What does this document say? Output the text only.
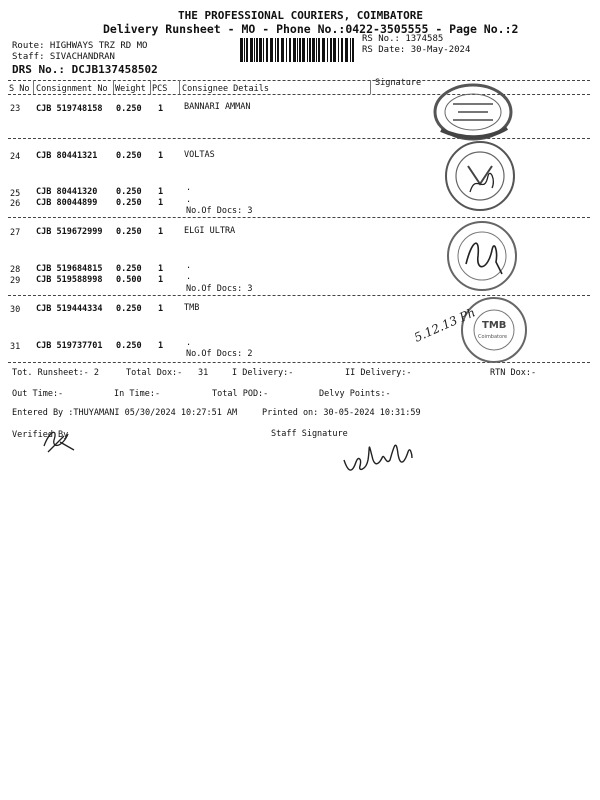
THE PROFESSIONAL COURIERS, COIMBATORE
Delivery Runsheet - MO - Phone No.:0422-3505555 - Page No.:2
Route: HIGHWAYS TRZ RD MO
Staff: SIVACHANDRAN
DRS No.: DCJB137458502
RS No.: 1374585
RS Date: 30-May-2024
S No Consignment No Weight PCS Consignee Details
Signature
23 CJB 519748158 0.250 1 BANNARI AMMAN
24 CJB 80441321 0.250 1 VOLTAS
25 CJB 80441320 0.250 1	.
26 CJB 80044899 0.250 1	.
No.Of Docs: 3
27 CJB 519672999 0.250 1 ELGI ULTRA
28 CJB 519684815 0.250 1	.
29 CJB 519588998 0.500 1	.
No.Of Docs: 3
30 CJB 519444334 0.250 1 TMB
31 CJB 519737701 0.250 1	.
No.Of Docs: 2
Tot. Runsheet:- 2	Total Dox:- 31	I Delivery:-	II Delivery:-	RTN Dox:-
Out Time:-	In Time:-	Total POD:-	Delvy Points:-
Entered By :THUYAMANI 05/30/2024 10:27:51 AM	Printed on: 30-05-2024 10:31:59
Verified By	Staff Signature
TMB
Coimbatore
5.12.13 Ph
